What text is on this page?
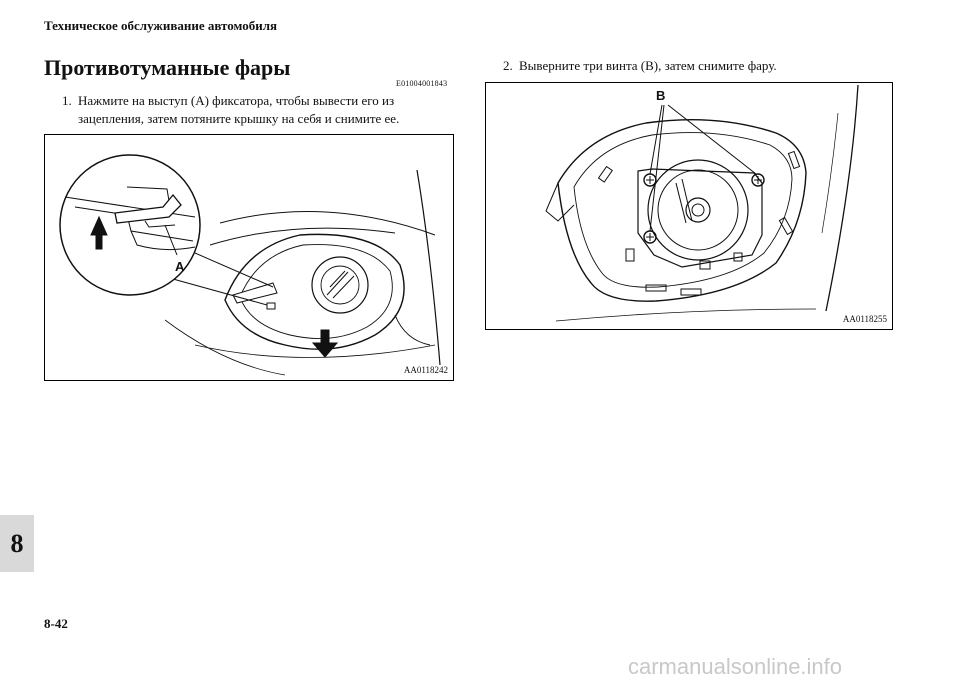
Техническое обслуживание автомобиля
Противотуманные фары
E01004001843
1. Нажмите на выступ (А) фиксатора, чтобы вывести его из
зацепления, затем потяните крышку на себя и снимите ее.
2. Выверните три винта (B), затем снимите фару.
A
AA0118242
B
AA0118255
8
8-42
carmanualsonline.info
